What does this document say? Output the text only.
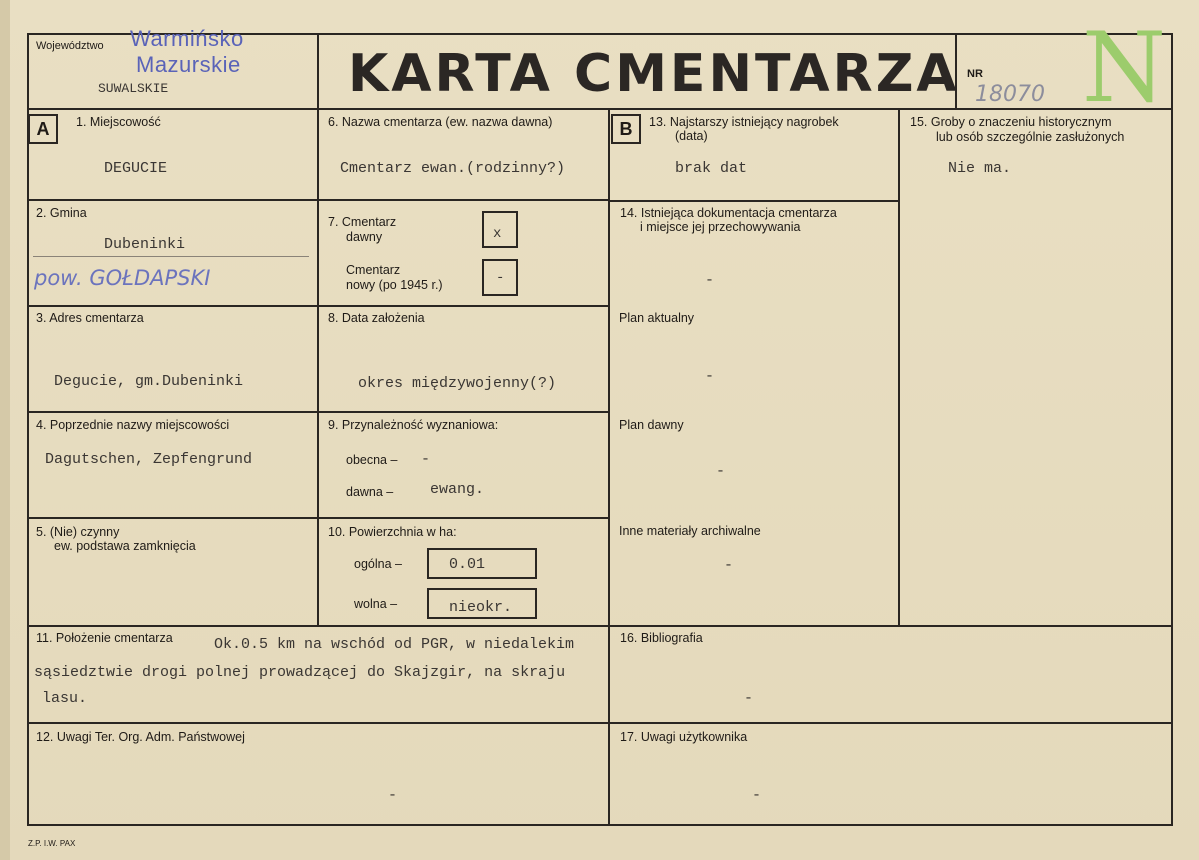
Województwo Warmińsko
Mazurskie
SUWALSKIE	KARTA CMENTARZA NR
18070 N
A	1. Miejscowość
DEGUCIE
2. Gmina
Dubeninki
pow. GOŁDAPSKI
3. Adres cmentarza
Degucie, gm.Dubeninki
4. Poprzednie nazwy miejscowości
Dagutschen, Zepfengrund
5. (Nie) czynny
ew. podstawa zamknięcia
6. Nazwa cmentarza (ew. nazwa dawna)
Cmentarz ewan.(rodzinny?)
7. Cmentarz
dawny	x
Cmentarz
nowy (po 1945 r.)	-
8. Data założenia
okres międzywojenny(?)
9. Przynależność wyznaniowa:
obecna – -
dawna – ewang.
10. Powierzchnia w ha:
ogólna –	0.01
wolna –	nieokr.
11. Położenie cmentarza	Ok.0.5 km na wschód od PGR, w niedalekim
sąsiedztwie drogi polnej prowadzącej do Skajzgir, na skraju
lasu.
12. Uwagi Ter. Org. Adm. Państwowej
-
B	13. Najstarszy istniejący nagrobek
(data)
brak dat
14. Istniejąca dokumentacja cmentarza
i miejsce jej przechowywania
-
Plan aktualny
-
Plan dawny
-
Inne materiały archiwalne
-
15. Groby o znaczeniu historycznym
lub osób szczególnie zasłużonych
Nie ma.
16. Bibliografia
-
17. Uwagi użytkownika
-
Z.P. I.W. PAX
